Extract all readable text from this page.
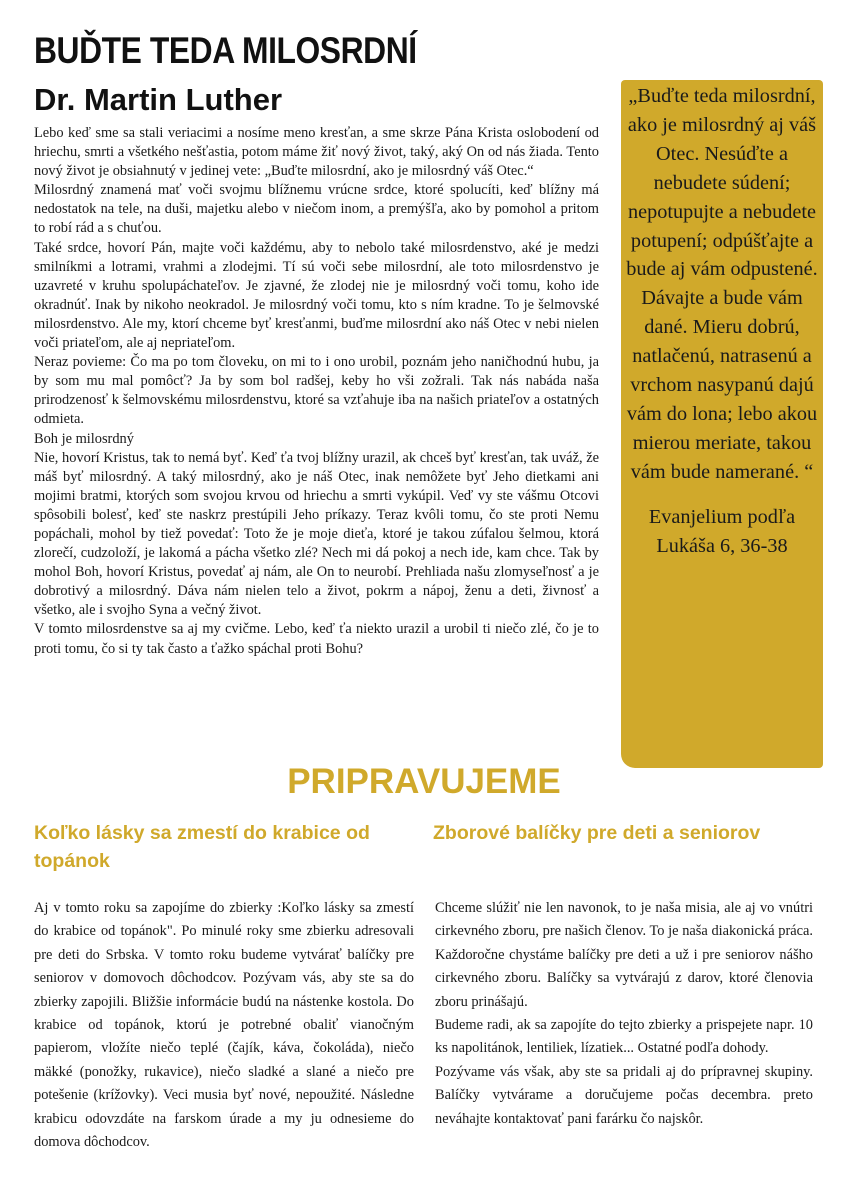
BUĎTE TEDA MILOSRDNÍ
Dr. Martin Luther

Lebo keď sme sa stali veriacimi a nosíme meno kresťan, a sme skrze Pána Krista oslobodení od hriechu, smrti a všetkého nešťastia, potom máme žiť nový život, taký, aký On od nás žiada. Tento nový život je obsiahnutý v jedinej vete: „Buďte milosrdní, ako je milosrdný váš Otec.“

Milosrdný znamená mať voči svojmu blížnemu vrúcne srdce, ktoré spolucíti, keď blížny má nedostatok na tele, na duši, majetku alebo v niečom inom, a premýšľa, ako by pomohol a pritom to robí rád a s chuťou.

Také srdce, hovorí Pán, majte voči každému, aby to nebolo také milosrdenstvo, aké je medzi smilníkmi a lotrami, vrahmi a zlodejmi. Tí sú voči sebe milosrdní, ale toto milosrdenstvo je uzavreté v kruhu spolupáchateľov. Je zjavné, že zlodej nie je milosrdný voči tomu, koho ide okradnúť. Inak by nikoho neokradol. Je milosrdný voči tomu, kto s ním kradne. To je šelmovské milosrdenstvo. Ale my, ktorí chceme byť kresťanmi, buďme milosrdní ako náš Otec v nebi nielen voči priateľom, ale aj nepriateľom.

Neraz povieme: Čo ma po tom človeku, on mi to i ono urobil, poznám jeho naničhodnú hubu, ja by som mu mal pomôcť? Ja by som bol radšej, keby ho vši zožrali. Tak nás nabáda naša prirodzenosť k šelmovskému milosrdenstvu, ktoré sa vzťahuje iba na našich priateľov a ostatných odmieta.

Boh je milosrdný

Nie, hovorí Kristus, tak to nemá byť. Keď ťa tvoj blížny urazil, ak chceš byť kresťan, tak uváž, že máš byť milosrdný. A taký milosrdný, ako je náš Otec, inak nemôžete byť Jeho dietkami ani mojimi bratmi, ktorých som svojou krvou od hriechu a smrti vykúpil. Veď vy ste vášmu Otcovi spôsobili bolesť, keď ste naskrz prestúpili Jeho príkazy. Teraz kvôli tomu, čo ste proti Nemu popáchali, mohol by tiež povedať: Toto že je moje dieťa, ktoré je takou zúfalou šelmou, ktorá zlorečí, cudzoloží, je lakomá a pácha všetko zlé? Nech mi dá pokoj a nech ide, kam chce. Tak by mohol Boh, hovorí Kristus, povedať aj nám, ale On to neurobí. Prehliada našu zlomyseľnosť a je dobrotivý a milosrdný. Dáva nám nielen telo a život, pokrm a nápoj, ženu a deti, živnosť a všetko, ale i svojho Syna a večný život.

V tomto milosrdenstve sa aj my cvičme. Lebo, keď ťa niekto urazil a urobil ti niečo zlé, čo je to proti tomu, čo si ty tak často a ťažko spáchal proti Bohu?

„Buďte teda milosrdní, ako je milosrdný aj váš Otec. Nesúďte a nebudete súdení; nepotupujte a nebudete potupení; odpúšťajte a bude aj vám odpustené. Dávajte a bude vám dané. Mieru dobrú, natlačenú, natrasenú a vrchom nasypanú dajú vám do lona; lebo akou mierou meriate, takou vám bude namerané. “

Evanjelium podľa Lukáša 6, 36-38

PRIPRAVUJEME
Koľko lásky sa zmestí do krabice od topánok

Aj v tomto roku sa zapojíme do zbierky :Koľko lásky sa zmestí do krabice od topánok". Po minulé roky sme zbierku adresovali pre deti do Srbska. V tomto roku budeme vytvárať balíčky pre seniorov v domovoch dôchodcov. Pozývam vás, aby ste sa do zbierky zapojili. Bližšie informácie budú na nástenke kostola. Do krabice od topánok, ktorú je potrebné obaliť vianočným papierom, vložíte niečo teplé (čajík, káva, čokoláda), niečo mäkké (ponožky, rukavice), niečo sladké a slané a niečo pre potešenie (krížovky). Veci musia byť nové, nepoužité. Následne krabicu odovzdáte na farskom úrade a my ju odnesieme do domova dôchodcov.

Zborové balíčky pre deti a seniorov

Chceme slúžiť nie len navonok, to je naša misia, ale aj vo vnútri cirkevného zboru, pre našich členov. To je naša diakonická práca. Každoročne chystáme balíčky pre deti a už i pre seniorov nášho cirkevného zboru. Balíčky sa vytvárajú z darov, ktoré členovia zboru prinášajú.

Budeme radi, ak sa zapojíte do tejto zbierky a prispejete napr. 10 ks napolitánok, lentiliek, lízatiek... Ostatné podľa dohody.

Pozývame vás však, aby ste sa pridali aj do prípravnej skupiny. Balíčky vytvárame a doručujeme počas decembra. preto neváhajte kontaktovať pani farárku čo najskôr.
